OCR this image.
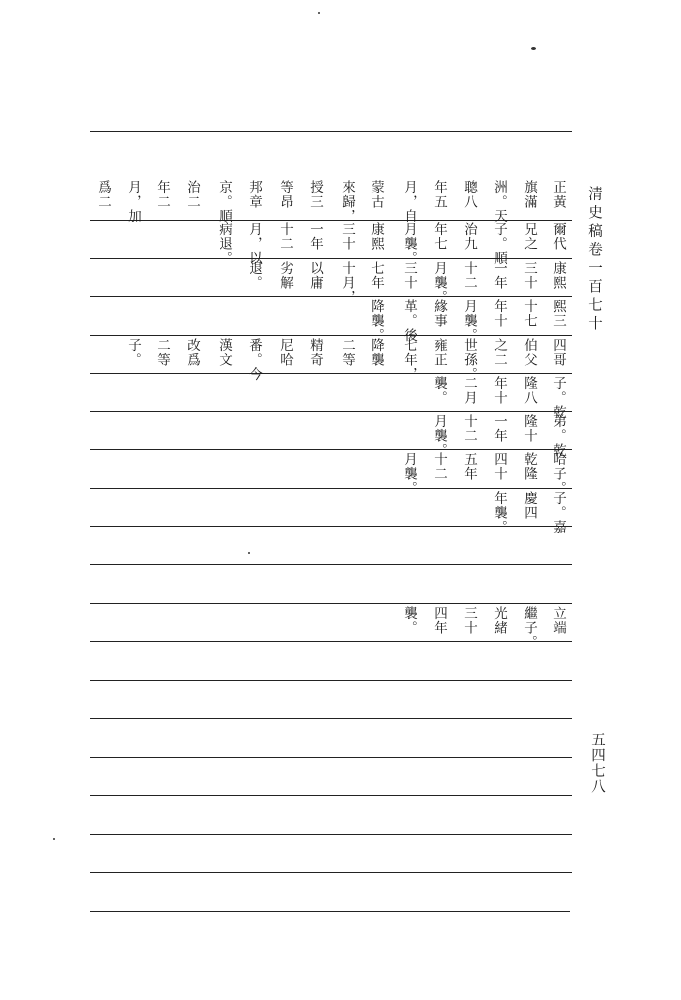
清史稿卷一百七十
五四七八
正黃
旗滿
洲。天
聰八
年五
月，自
蒙古
來歸，
授三
等昂
邦章
京。順
治二
年二
月，加
爲二
爾代
兄之
子。順
治九
年七
月襲。
康熙
三十
一年
十二
月，以
病退。
康熙
三十
一年
十二
月襲。
三十
七年
十月，
以庸
劣解
退。
熙三
十七
年十
月襲。
緣事
革。後
降襲。
四哥
伯父
之二
世孫。
雍正
七年，
降襲
二等
精奇
尼哈
番。今
漢文
改爲
二等
子。
子。乾
隆八
年十
二月
襲。
弟。乾
隆十
一年
十二
月襲。
哈子。
乾隆
四十
五年
十二
月襲。
子。嘉
慶四
年襲。
立端
繼子。
光緒
三十
四年
襲。
